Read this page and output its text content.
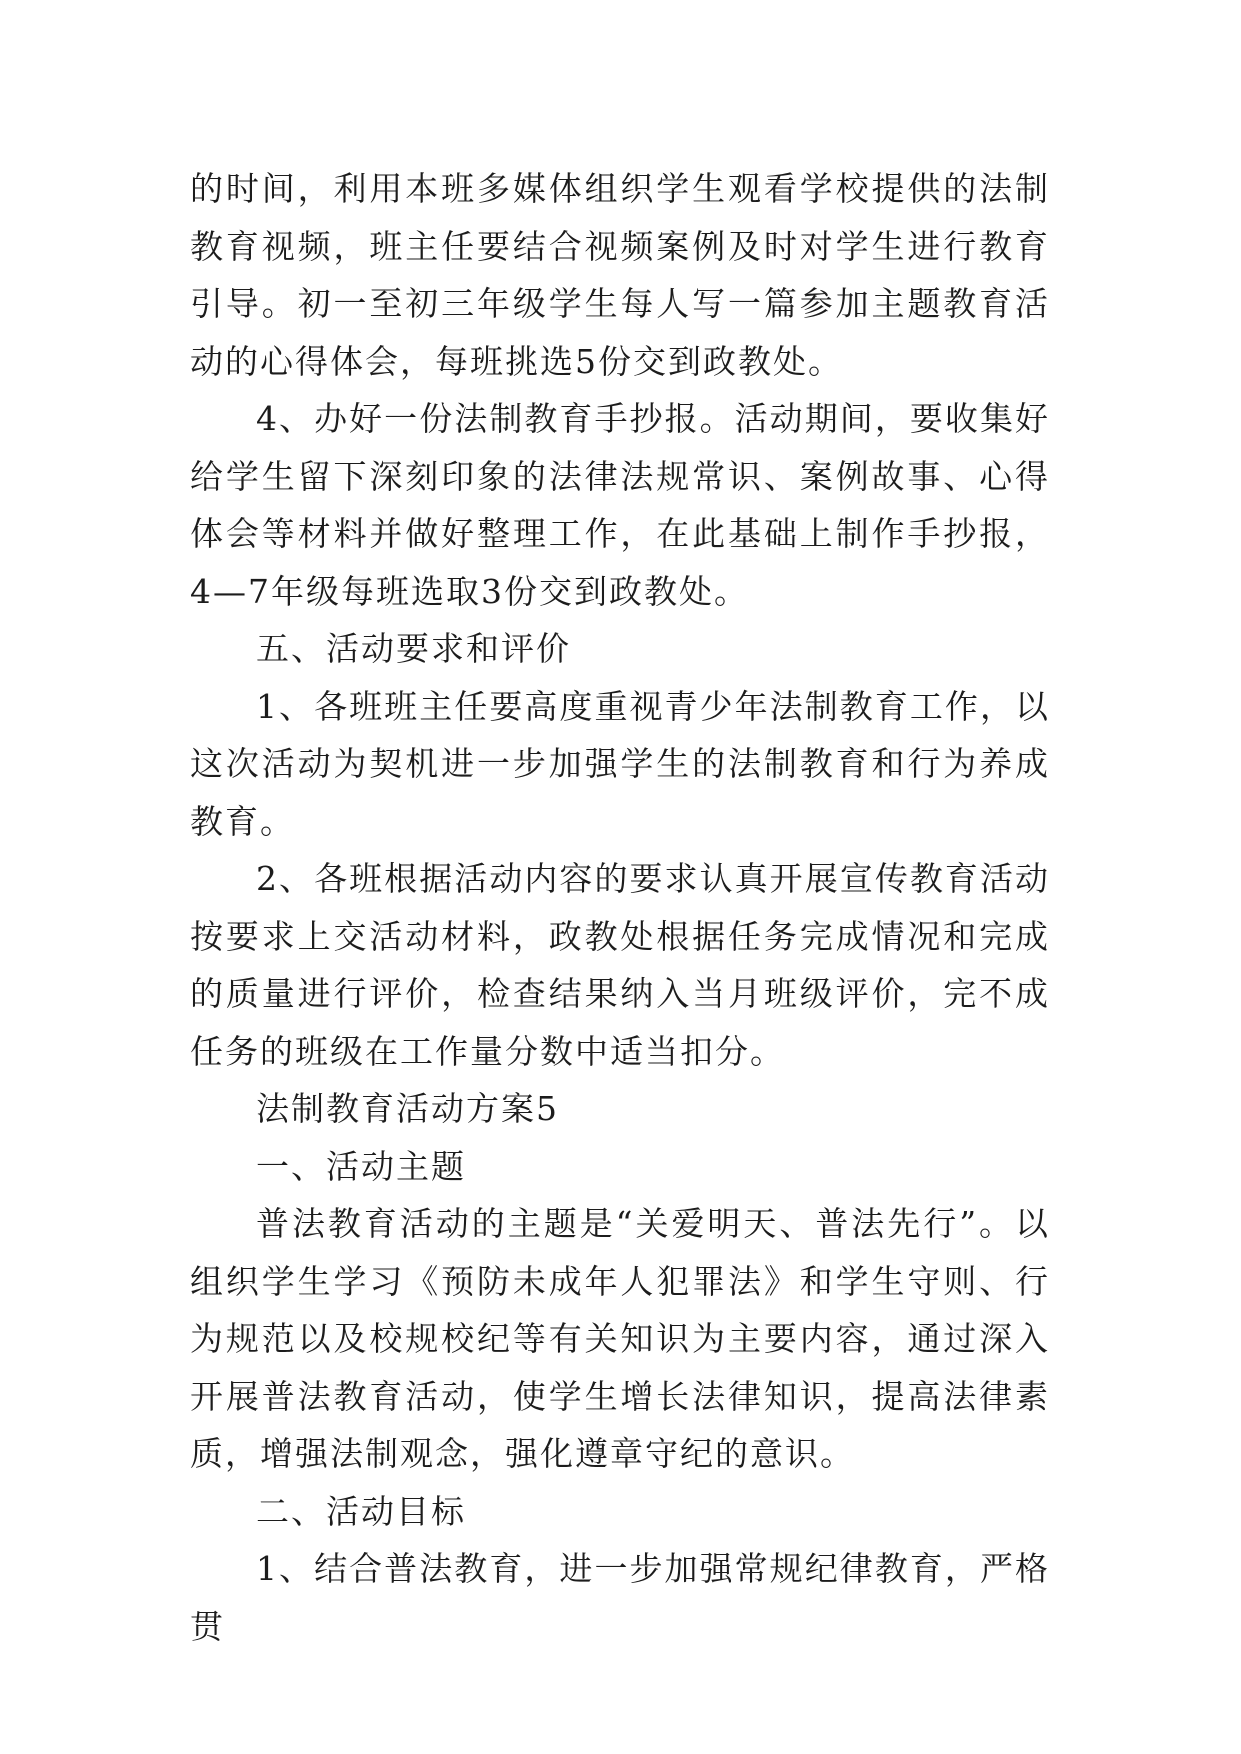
的时间，利用本班多媒体组织学生观看学校提供的法制教育视频，班主任要结合视频案例及时对学生进行教育引导。初一至初三年级学生每人写一篇参加主题教育活动的心得体会，每班挑选5份交到政教处。

4、办好一份法制教育手抄报。活动期间，要收集好给学生留下深刻印象的法律法规常识、案例故事、心得体会等材料并做好整理工作，在此基础上制作手抄报，4—7年级每班选取3份交到政教处。

五、活动要求和评价

1、各班班主任要高度重视青少年法制教育工作，以这次活动为契机进一步加强学生的法制教育和行为养成教育。

2、各班根据活动内容的要求认真开展宣传教育活动按要求上交活动材料，政教处根据任务完成情况和完成的质量进行评价，检查结果纳入当月班级评价，完不成任务的班级在工作量分数中适当扣分。

法制教育活动方案5

一、活动主题

普法教育活动的主题是“关爱明天、普法先行”。以组织学生学习《预防未成年人犯罪法》和学生守则、行为规范以及校规校纪等有关知识为主要内容，通过深入开展普法教育活动，使学生增长法律知识，提高法律素质，增强法制观念，强化遵章守纪的意识。

二、活动目标

1、结合普法教育，进一步加强常规纪律教育，严格贯
